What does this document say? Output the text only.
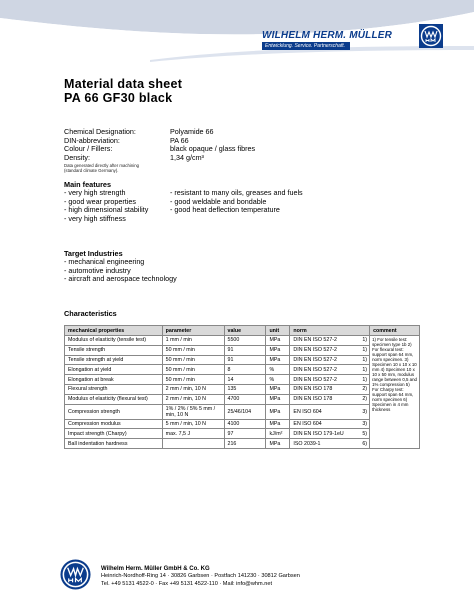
WILHELM HERM. MÜLLER
Entwicklung. Service. Partnerschaft.
Material data sheet
PA 66 GF30 black
Chemical Designation:	Polyamide 66
DIN-abbreviation:	PA 66
Colour / Fillers:	black opaque / glass fibres
Density:	1,34 g/cm³
Data generated directly after machining
(standard climate Germany).
Main features
- very high strength
- good wear properties
- high dimensional stability
- very high stiffness
- resistant to many oils, greases and fuels
- good weldable and bondable
- good heat deflection temperature
Target Industries
- mechanical engineering
- automotive industry
- aircraft and aerospace technology
Characteristics
mechanical properties	parameter	value	unit	norm	comment
Modulus of elasticity (tensile test)	1 mm / min	5500	MPa	DIN EN ISO 527-2 1)	1) For tensile test: specimen type 1b 2) For flexural test: support span 64 mm, norm specimen. 3) Specimen 10 x 10 x 10 mm 4) Specimen 10 x 10 x 50 mm, modulus range between 0,5 and 1% compression 5) For Charpy test: support span 64 mm, norm specimen 6) Specimen in 4 mm thickness
Tensile strength	50 mm / min	91	MPa	DIN EN ISO 527-2 1)	

Tensile strength at yield	50 mm / min	91	MPa	DIN EN ISO 527-2 1)	

Elongation at yield	50 mm / min	8	%	DIN EN ISO 527-2 1)	

Elongation at break	50 mm / min	14	%	DIN EN ISO 527-2 1)	

Flexural strength	2 mm / min, 10 N	135	MPa	DIN EN ISO 178 2)	

Modulus of elasticity (flexural test)	2 mm / min, 10 N	4700	MPa	DIN EN ISO 178 2)	

Compression strength	1% / 2% / 5% 5 mm / min, 10 N	25/46/104	MPa	EN ISO 604 3)	

Compression modulus	5 mm / min, 10 N	4100	MPa	EN ISO 604 3)	

Impact strength (Charpy)	max. 7,5 J	97	kJ/m²	DIN EN ISO 179-1eU 5)	

Ball indentation hardness		216	MPa	ISO 2039-1 6)	
Wilhelm Herm. Müller GmbH & Co. KG
Heinrich-Nordhoff-Ring 14 · 30826 Garbsen · Postfach 141230 · 30812 Garbsen
Tel. +49 5131 4522-0 · Fax +49 5131 4522-110 · Mail: info@whm.net
